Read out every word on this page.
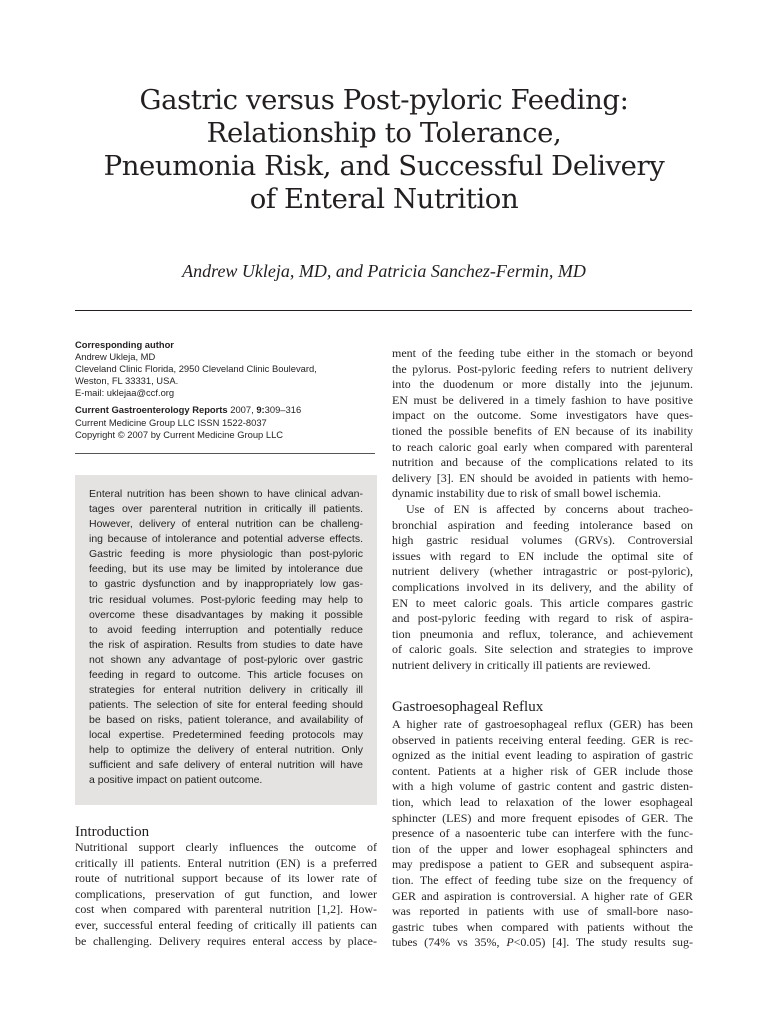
Gastric versus Post-pyloric Feeding:
Relationship to Tolerance,
Pneumonia Risk, and Successful Delivery
of Enteral Nutrition
Andrew Ukleja, MD, and Patricia Sanchez-Fermin, MD
Corresponding author
Andrew Ukleja, MD
Cleveland Clinic Florida, 2950 Cleveland Clinic Boulevard,
Weston, FL 33331, USA.
E-mail: uklejaa@ccf.org
Current Gastroenterology Reports 2007, 9:309–316
Current Medicine Group LLC ISSN 1522-8037
Copyright © 2007 by Current Medicine Group LLC
Enteral nutrition has been shown to have clinical advan-
tages over parenteral nutrition in critically ill patients.
However, delivery of enteral nutrition can be challeng-
ing because of intolerance and potential adverse effects.
Gastric feeding is more physiologic than post-pyloric
feeding, but its use may be limited by intolerance due
to gastric dysfunction and by inappropriately low gas-
tric residual volumes. Post-pyloric feeding may help to
overcome these disadvantages by making it possible
to avoid feeding interruption and potentially reduce
the risk of aspiration. Results from studies to date have
not shown any advantage of post-pyloric over gastric
feeding in regard to outcome. This article focuses on
strategies for enteral nutrition delivery in critically ill
patients. The selection of site for enteral feeding should
be based on risks, patient tolerance, and availability of
local expertise. Predetermined feeding protocols may
help to optimize the delivery of enteral nutrition. Only
sufficient and safe delivery of enteral nutrition will have
a positive impact on patient outcome.
Introduction
Nutritional support clearly influences the outcome of
critically ill patients. Enteral nutrition (EN) is a preferred
route of nutritional support because of its lower rate of
complications, preservation of gut function, and lower
cost when compared with parenteral nutrition [1,2]. How-
ever, successful enteral feeding of critically ill patients can
be challenging. Delivery requires enteral access by place-
ment of the feeding tube either in the stomach or beyond
the pylorus. Post-pyloric feeding refers to nutrient delivery
into the duodenum or more distally into the jejunum.
EN must be delivered in a timely fashion to have positive
impact on the outcome. Some investigators have ques-
tioned the possible benefits of EN because of its inability
to reach caloric goal early when compared with parenteral
nutrition and because of the complications related to its
delivery [3]. EN should be avoided in patients with hemo-
dynamic instability due to risk of small bowel ischemia.
Use of EN is affected by concerns about tracheo-
bronchial aspiration and feeding intolerance based on
high gastric residual volumes (GRVs). Controversial
issues with regard to EN include the optimal site of
nutrient delivery (whether intragastric or post-pyloric),
complications involved in its delivery, and the ability of
EN to meet caloric goals. This article compares gastric
and post-pyloric feeding with regard to risk of aspira-
tion pneumonia and reflux, tolerance, and achievement
of caloric goals. Site selection and strategies to improve
nutrient delivery in critically ill patients are reviewed.
Gastroesophageal Reflux
A higher rate of gastroesophageal reflux (GER) has been
observed in patients receiving enteral feeding. GER is rec-
ognized as the initial event leading to aspiration of gastric
content. Patients at a higher risk of GER include those
with a high volume of gastric content and gastric disten-
tion, which lead to relaxation of the lower esophageal
sphincter (LES) and more frequent episodes of GER. The
presence of a nasoenteric tube can interfere with the func-
tion of the upper and lower esophageal sphincters and
may predispose a patient to GER and subsequent aspira-
tion. The effect of feeding tube size on the frequency of
GER and aspiration is controversial. A higher rate of GER
was reported in patients with use of small-bore naso-
gastric tubes when compared with patients without the
tubes (74% vs 35%, P<0.05) [4]. The study results sug-
